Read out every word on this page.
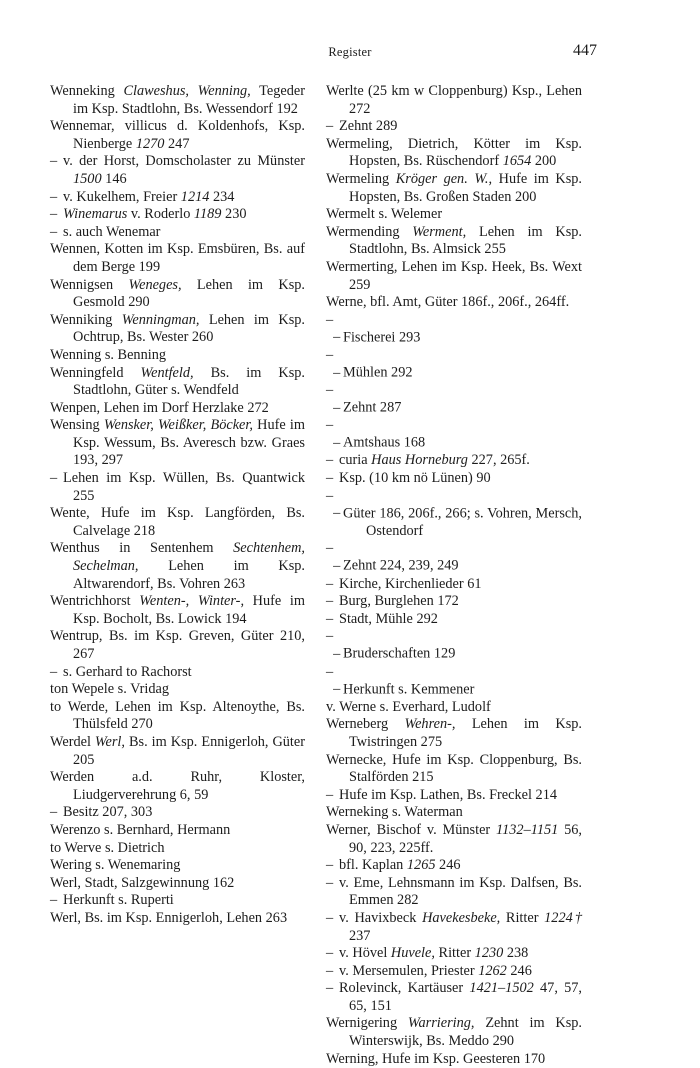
Register	447
Wenneking Claweshus, Wenning, Tegeder im Ksp. Stadtlohn, Bs. Wessendorf 192
Wennemar, villicus d. Koldenhofs, Ksp. Nienberge 1270 247
– v. der Horst, Domscholaster zu Münster 1500 146
– v. Kukelhem, Freier 1214 234
– Winemarus v. Roderlo 1189 230
– s. auch Wenemar
Wennen, Kotten im Ksp. Emsbüren, Bs. auf dem Berge 199
Wennigsen Weneges, Lehen im Ksp. Gesmold 290
Wenniking Wenningman, Lehen im Ksp. Ochtrup, Bs. Wester 260
Wenning s. Benning
Wenningfeld Wentfeld, Bs. im Ksp. Stadtlohn, Güter s. Wendfeld
Wenpen, Lehen im Dorf Herzlake 272
Wensing Wensker, Weißker, Böcker, Hufe im Ksp. Wessum, Bs. Averesch bzw. Graes 193, 297
– Lehen im Ksp. Wüllen, Bs. Quantwick 255
Wente, Hufe im Ksp. Langförden, Bs. Calvelage 218
Wenthus in Sentenhem Sechtenhem, Sechelman, Lehen im Ksp. Altwarendorf, Bs. Vohren 263
Wentrichhorst Wenten-, Winter-, Hufe im Ksp. Bocholt, Bs. Lowick 194
Wentrup, Bs. im Ksp. Greven, Güter 210, 267
– s. Gerhard to Rachorst
ton Wepele s. Vridag
to Werde, Lehen im Ksp. Altenoythe, Bs. Thülsfeld 270
Werdel Werl, Bs. im Ksp. Ennigerloh, Güter 205
Werden a.d. Ruhr, Kloster, Liudgerverehrung 6, 59
– Besitz 207, 303
Werenzo s. Bernhard, Hermann
to Werve s. Dietrich
Wering s. Wenemaring
Werl, Stadt, Salzgewinnung 162
– Herkunft s. Ruperti
Werl, Bs. im Ksp. Ennigerloh, Lehen 263
Werlte (25 km w Cloppenburg) Ksp., Lehen 272
– Zehnt 289
Wermeling, Dietrich, Kötter im Ksp. Hopsten, Bs. Rüschendorf 1654 200
Wermeling Kröger gen. W., Hufe im Ksp. Hopsten, Bs. Großen Staden 200
Wermelt s. Welemer
Wermending Werment, Lehen im Ksp. Stadtlohn, Bs. Almsick 255
Wermerting, Lehen im Ksp. Heek, Bs. Wext 259
Werne, bfl. Amt, Güter 186f., 206f., 264ff.
–  – Fischerei 293
–  – Mühlen 292
–  – Zehnt 287
–  – Amtshaus 168
– curia Haus Horneburg 227, 265f.
– Ksp. (10 km nö Lünen) 90
–  – Güter 186, 206f., 266; s. Vohren, Mersch, Ostendorf
–  – Zehnt 224, 239, 249
– Kirche, Kirchenlieder 61
– Burg, Burglehen 172
– Stadt, Mühle 292
–  – Bruderschaften 129
–  – Herkunft s. Kemmener
v. Werne s. Everhard, Ludolf
Werneberg Wehren-, Lehen im Ksp. Twistringen 275
Wernecke, Hufe im Ksp. Cloppenburg, Bs. Stalförden 215
– Hufe im Ksp. Lathen, Bs. Freckel 214
Werneking s. Waterman
Werner, Bischof v. Münster 1132–1151 56, 90, 223, 225ff.
– bfl. Kaplan 1265 246
– v. Eme, Lehnsmann im Ksp. Dalfsen, Bs. Emmen 282
– v. Havixbeck Havekesbeke, Ritter 1224† 237
– v. Hövel Huvele, Ritter 1230 238
– v. Mersemulen, Priester 1262 246
– Rolevinck, Kartäuser 1421–1502 47, 57, 65, 151
Wernigering Warriering, Zehnt im Ksp. Winterswijk, Bs. Meddo 290
Werning, Hufe im Ksp. Geesteren 170
